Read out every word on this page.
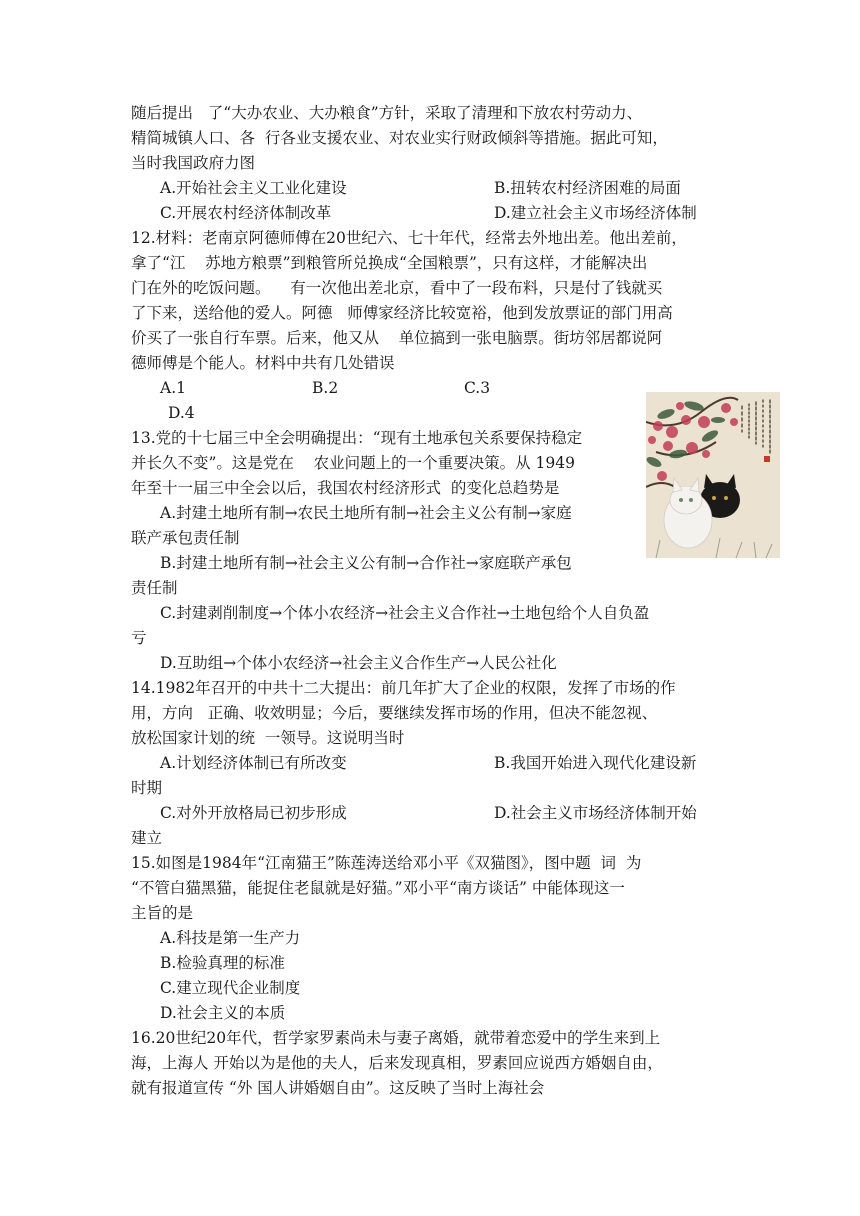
随后提出   了“大办农业、大办粮食”方针，采取了清理和下放农村劳动力、
精简城镇人口、各  行各业支援农业、对农业实行财政倾斜等措施。据此可知，
当时我国政府力图
A.开始社会主义工业化建设	B.扭转农村经济困难的局面
C.开展农村经济体制改革	D.建立社会主义市场经济体制
12.材料：老南京阿德师傅在20世纪六、七十年代，经常去外地出差。他出差前，
拿了“江    苏地方粮票”到粮管所兑换成“全国粮票”，只有这样，才能解决出
门在外的吃饭问题。    有一次他出差北京，看中了一段布料，只是付了钱就买
了下来，送给他的爱人。阿德   师傅家经济比较宽裕，他到发放票证的部门用高
价买了一张自行车票。后来，他又从    单位搞到一张电脑票。街坊邻居都说阿
德师傅是个能人。材料中共有几处错误
A.1	B.2	C.3
D.4
13.党的十七届三中全会明确提出：“现有土地承包关系要保持稳定
并长久不变”。这是党在    农业问题上的一个重要决策。从 1949
年至十一届三中全会以后，我国农村经济形式  的变化总趋势是
A.封建土地所有制→农民土地所有制→社会主义公有制→家庭
联产承包责任制
B.封建土地所有制→社会主义公有制→合作社→家庭联产承包
责任制
C.封建剥削制度→个体小农经济→社会主义合作社→土地包给个人自负盈
亏
D.互助组→个体小农经济→社会主义合作生产→人民公社化
14.1982年召开的中共十二大提出：前几年扩大了企业的权限，发挥了市场的作
用，方向   正确、收效明显；今后，要继续发挥市场的作用，但决不能忽视、
放松国家计划的统  一领导。这说明当时
A.计划经济体制已有所改变	B.我国开始进入现代化建设新
时期
C.对外开放格局已初步形成	D.社会主义市场经济体制开始
建立
15.如图是1984年“江南猫王”陈莲涛送给邓小平《双猫图》，图中题  词  为
“不管白猫黑猫，能捉住老鼠就是好猫。”邓小平“南方谈话” 中能体现这一
主旨的是
A.科技是第一生产力
B.检验真理的标准
C.建立现代企业制度
D.社会主义的本质
16.20世纪20年代，哲学家罗素尚未与妻子离婚，就带着恋爱中的学生来到上
海，上海人 开始以为是他的夫人，后来发现真相，罗素回应说西方婚姻自由，
就有报道宣传 “外 国人讲婚姻自由”。这反映了当时上海社会
